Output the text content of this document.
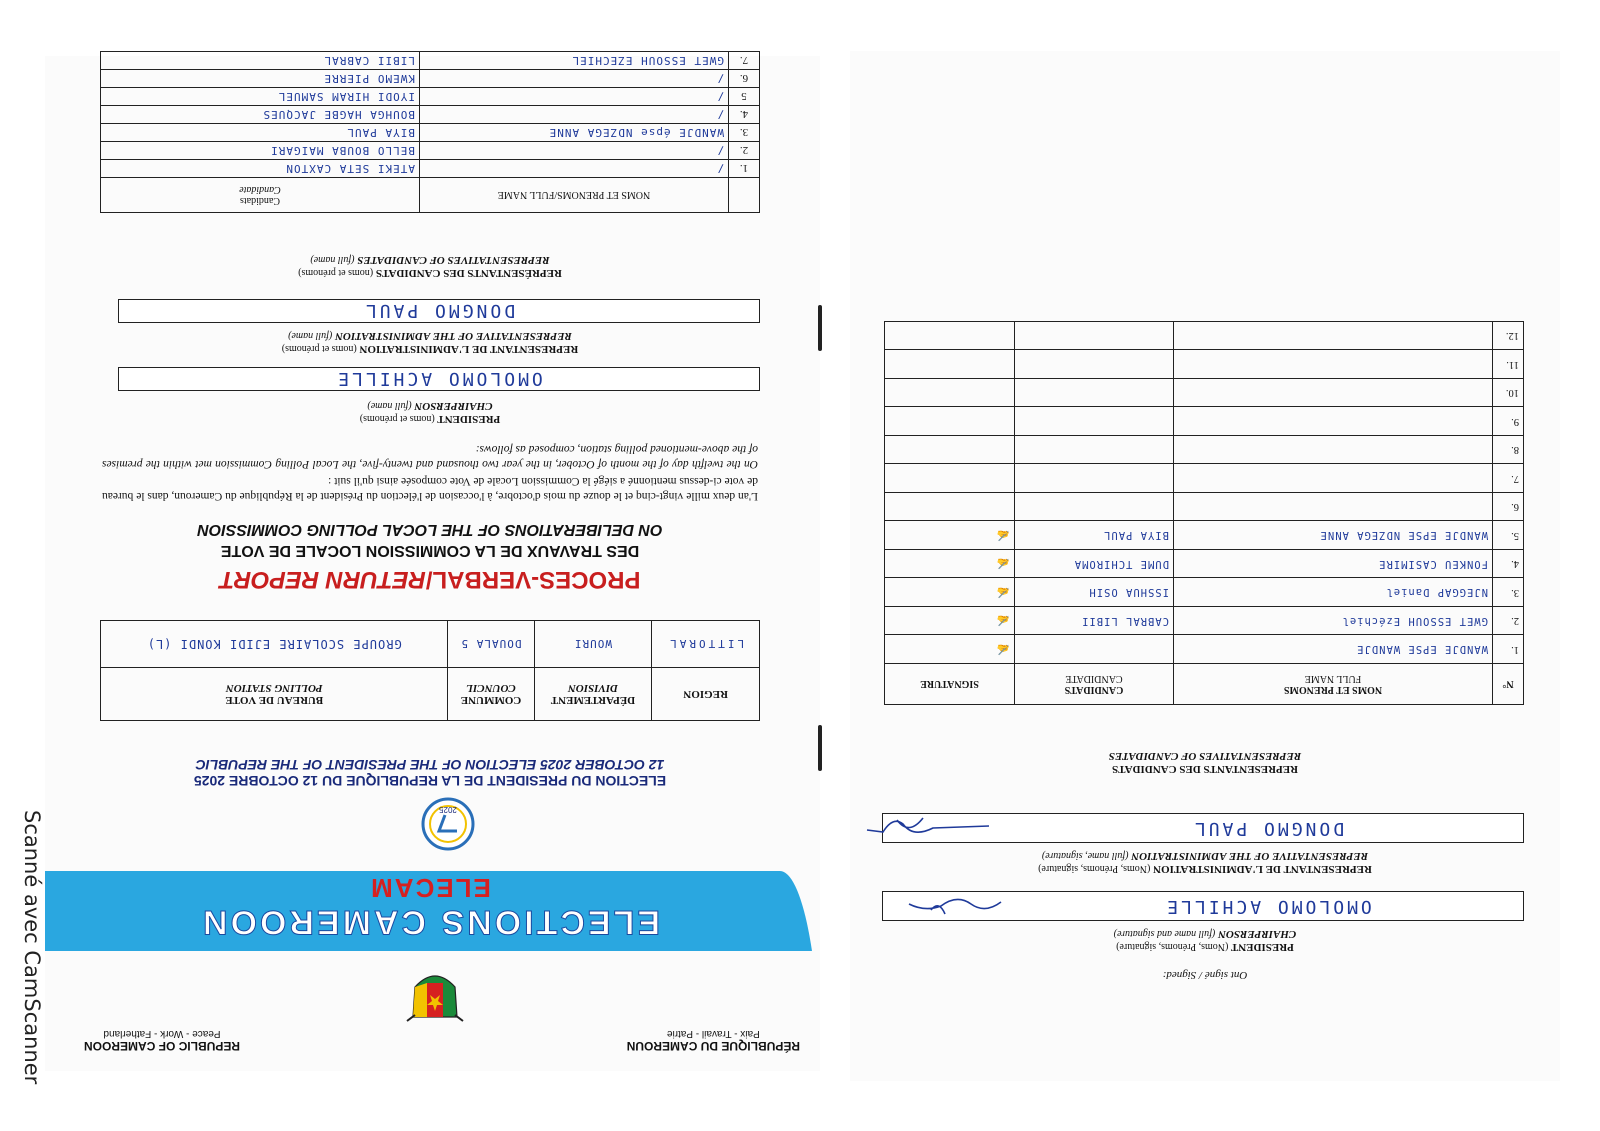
Scanné avec CamScanner	RÉPUBLIQUE DU CAMEROUN
Paix - Travail - Patrie
REPUBLIC OF CAMEROON
Peace - Work - Fatherland
ELECTIONS CAMEROON
ELECAM
2025
ELECTION DU PRESIDENT DE LA REPUBLIQUE DU 12 OCTOBRE 2025
12 OCTOBER 2025 ELECTION OF THE PRESIDENT OF THE REPUBLIC
REGION	DÉPARTEMENT
DIVISION	COMMUNE
COUNCIL	BUREAU DE VOTE
POLLING STATION

LITTORAL	WOURI	DOUALA 5	GROUPE SCOLAIRE EJIDI KONDI (L)
PROCES-VERBAL/RETURN REPORT
DES TRAVAUX DE LA COMMISSION LOCALE DE VOTE
ON DELIBERATIONS OF THE LOCAL POLLING COMMISSION

L'an deux mille vingt-cinq et le douze du mois d'octobre, à l'occasion de l'élection du Président de la République du Cameroun, dans le bureau de vote ci-dessus mentionné a siégé la Commission Locale de Vote composée ainsi qu'il suit :

On the twelfth day of the month of October, in the year two thousand and twenty-five, the Local Polling Commission met within the premises of the above-mentioned polling station, composed as follows:

PRESIDENT (noms et prénoms)
CHAIRPERSON (full name)
OMOLOMO ACHILLE
REPRESENTANT DE L'ADMINISTRATION (noms et prénoms)
REPRESENTATIVE OF THE ADMINISTRATION (full name)
DONGMO PAUL
REPRÉSENTANTS DES CANDIDATS (noms et prénoms)
REPRESENTATIVES OF CANDIDATES (full name)
	NOMS ET PRENOMS/FULL NAME	Candidats
Candidate

1.	/	ATEKI SETA CAXTON
2.	/	BELLO BOUBA MAIGARI
3.	WANDJE épse NDZEGA ANNE	BIYA PAUL
4.	/	BOUHGA HAGBE JACQUES
5	/	IYODI HIRAM SAMUEL
6.	/	KWEMO PIERRE
7.	GWET ESSOUH EZECHIEL	LIBII CABRAL
Ont signé / Signed:
PRESIDENT (Noms, Prénoms, signature)
CHAIRPERSON (full name and signature)
OMOLOMO ACHILLE
REPRESENTANT DE L'ADMINISTRATION (Noms, Prénoms, signature)
REPRESENTATIVE OF THE ADMINISTRATION (full name, signature)
DONGMO PAUL
REPRESENTANTS DES CANDIDATS
REPRESENTATIVES OF CANDIDATES
N°	NOMS ET PRENOMS
FULL NAME	CANDIDATS
CANDIDATE	SIGNATURE
1.	WANDJE EPSE WANDJE		✍
2.	GWET ESSOUH Ezéchiel	CABRAL LIBII	✍
3.	NJEGGAP Daniel	ISSHUA OSIH	✍
4.	FONKEU CASIMIRE	DUME TCHIROMA	✍
5.	WANDJE EPSE NDZEGA ANNE	BIYA PAUL	✍
6.			
7.			
8.			
9.			
10.			
11.			
12.			
